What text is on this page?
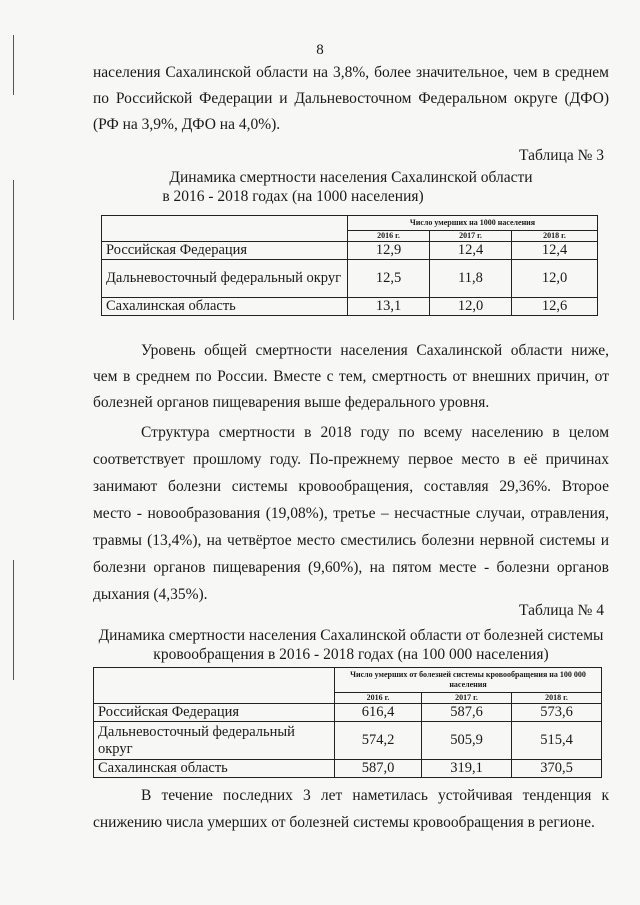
8
населения Сахалинской области на 3,8%, более значительное, чем в среднем по Российской Федерации и Дальневосточном Федеральном округе (ДФО) (РФ на 3,9%, ДФО на 4,0%).
Таблица № 3
Динамика смертности населения Сахалинской области
в 2016 - 2018 годах (на 1000 населения)
	Число умерших на 1000 населения		
	2016 г.	2017 г.	2018 г.
Российская Федерация	12,9	12,4	12,4
Дальневосточный федеральный округ	12,5	11,8	12,0
Сахалинская область	13,1	12,0	12,6
Уровень общей смертности населения Сахалинской области ниже, чем в среднем по России. Вместе с тем, смертность от внешних причин, от болезней органов пищеварения выше федерального уровня.
Структура смертности в 2018 году по всему населению в целом соответствует прошлому году. По-прежнему первое место в её причинах занимают болезни системы кровообращения, составляя 29,36%. Второе место - новообразования (19,08%), третье – несчастные случаи, отравления, травмы (13,4%), на четвёртое место сместились болезни нервной системы и болезни органов пищеварения (9,60%), на пятом месте - болезни органов дыхания (4,35%).
Таблица № 4
Динамика смертности населения Сахалинской области от болезней системы
кровообращения в 2016 - 2018 годах (на 100 000 населения)
	Число умерших от болезней системы кровообращения на 100 000 населения		
	2016 г.	2017 г.	2018 г.
Российская Федерация	616,4	587,6	573,6
Дальневосточный федеральный округ	574,2	505,9	515,4
Сахалинская область	587,0	319,1	370,5
В течение последних 3 лет наметилась устойчивая тенденция к снижению числа умерших от болезней системы кровообращения в регионе.
